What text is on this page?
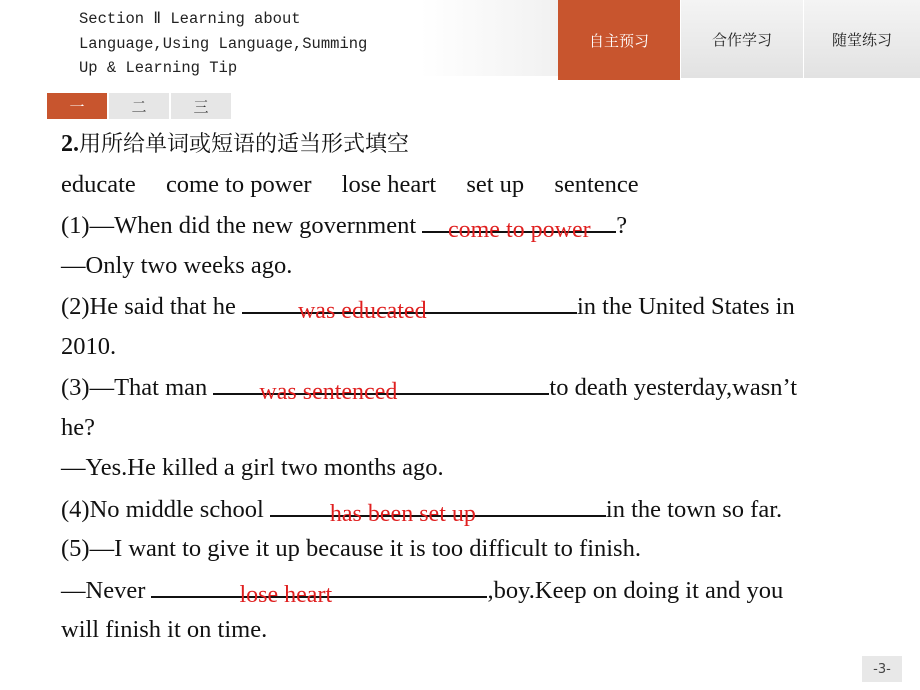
Section Ⅱ Learning about
Language,Using Language,Summing
Up & Learning Tip
自主预习	合作学习	随堂练习
一	二	三
2.用所给单词或短语的适当形式填空
educate come to power lose heart set up sentence
(1)—When did the new government	come to power	?
—Only two weeks ago.
(2)He said that he was educated	in the United States in
2010.
(3)—That man was sentenced	to death yesterday,wasn’t
he?
—Yes.He killed a girl two months ago.
(4)No middle school	has been set up	in the town so far.
(5)—I want to give it up because it is too difficult to finish.
—Never	lose heart	,boy.Keep on doing it and you
will finish it on time.
-3-
